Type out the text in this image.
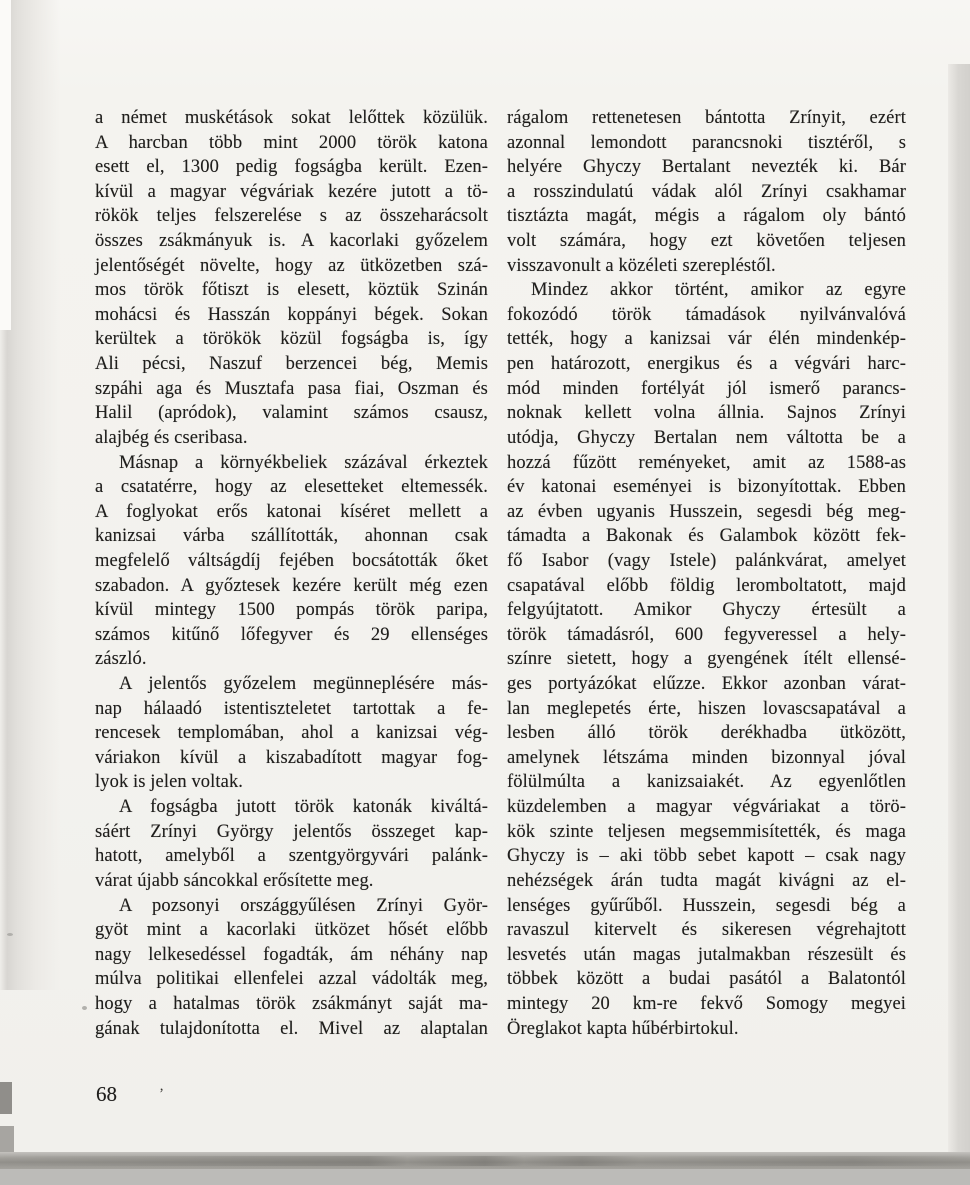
a német muskétások sokat lelőttek közülük.
A harcban több mint 2000 török katona
esett el, 1300 pedig fogságba került. Ezen-
kívül a magyar végváriak kezére jutott a tö-
rökök teljes felszerelése s az összeharácsolt
összes zsákmányuk is. A kacorlaki győzelem
jelentőségét növelte, hogy az ütközetben szá-
mos török főtiszt is elesett, köztük Szinán
mohácsi és Hasszán koppányi bégek. Sokan
kerültek a törökök közül fogságba is, így
Ali pécsi, Naszuf berzencei bég, Memis
szpáhi aga és Musztafa pasa fiai, Oszman és
Halil (apródok), valamint számos csausz,
alajbég és cseribasa.
Másnap a környékbeliek százával érkeztek
a csatatérre, hogy az elesetteket eltemessék.
A foglyokat erős katonai kíséret mellett a
kanizsai várba szállították, ahonnan csak
megfelelő váltságdíj fejében bocsátották őket
szabadon. A győztesek kezére került még ezen
kívül mintegy 1500 pompás török paripa,
számos kitűnő lőfegyver és 29 ellenséges
zászló.
A jelentős győzelem megünneplésére más-
nap hálaadó istentiszteletet tartottak a fe-
rencesek templomában, ahol a kanizsai vég-
váriakon kívül a kiszabadított magyar fog-
lyok is jelen voltak.
A fogságba jutott török katonák kiváltá-
sáért Zrínyi György jelentős összeget kap-
hatott, amelyből a szentgyörgyvári palánk-
várat újabb sáncokkal erősítette meg.
A pozsonyi országgyűlésen Zrínyi Györ-
gyöt mint a kacorlaki ütközet hősét előbb
nagy lelkesedéssel fogadták, ám néhány nap
múlva politikai ellenfelei azzal vádolták meg,
hogy a hatalmas török zsákmányt saját ma-
gának tulajdonította el. Mivel az alaptalan
rágalom rettenetesen bántotta Zrínyit, ezért
azonnal lemondott parancsnoki tisztéről, s
helyére Ghyczy Bertalant nevezték ki. Bár
a rosszindulatú vádak alól Zrínyi csakhamar
tisztázta magát, mégis a rágalom oly bántó
volt számára, hogy ezt követően teljesen
visszavonult a közéleti szerepléstől.
Mindez akkor történt, amikor az egyre
fokozódó török támadások nyilvánvalóvá
tették, hogy a kanizsai vár élén mindenkép-
pen határozott, energikus és a végvári harc-
mód minden fortélyát jól ismerő parancs-
noknak kellett volna állnia. Sajnos Zrínyi
utódja, Ghyczy Bertalan nem váltotta be a
hozzá fűzött reményeket, amit az 1588-as
év katonai eseményei is bizonyítottak. Ebben
az évben ugyanis Husszein, segesdi bég meg-
támadta a Bakonak és Galambok között fek-
fő Isabor (vagy Istele) palánkvárat, amelyet
csapatával előbb földig leromboltatott, majd
felgyújtatott. Amikor Ghyczy értesült a
török támadásról, 600 fegyveressel a hely-
színre sietett, hogy a gyengének ítélt ellensé-
ges portyázókat elűzze. Ekkor azonban várat-
lan meglepetés érte, hiszen lovascsapatával a
lesben álló török derékhadba ütközött,
amelynek létszáma minden bizonnyal jóval
fölülmúlta a kanizsaiakét. Az egyenlőtlen
küzdelemben a magyar végváriakat a törö-
kök szinte teljesen megsemmisítették, és maga
Ghyczy is – aki több sebet kapott – csak nagy
nehézségek árán tudta magát kivágni az el-
lenséges gyűrűből. Husszein, segesdi bég a
ravaszul kitervelt és sikeresen végrehajtott
lesvetés után magas jutalmakban részesült és
többek között a budai pasától a Balatontól
mintegy 20 km-re fekvő Somogy megyei
Öreglakot kapta hűbérbirtokul.
68	’
